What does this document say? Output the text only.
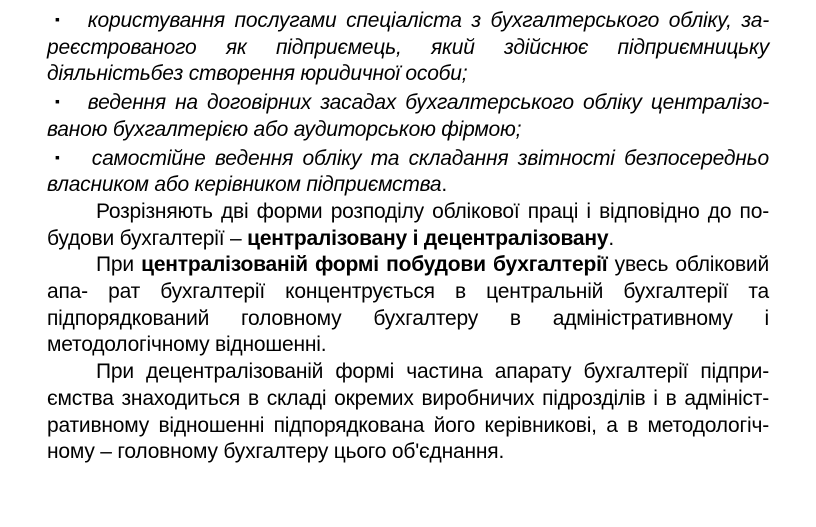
▪ користування послугами спеціаліста з бухгалтерського обліку, за- реєстрованого як підприємець, який здійснює підприємницьку діяльністьбез створення юридичної особи;

▪ ведення на договірних засадах бухгалтерського обліку централізо- ваною бухгалтерією або аудиторською фірмою;

▪ самостійне ведення обліку та складання звітності безпосередньо власником або керівником підприємства.

Розрізняють дві форми розподілу облікової праці і відповідно до по- будови бухгалтерії – централізовану і децентралізовану.

При централізованій формі побудови бухгалтерії увесь обліковий апа- рат бухгалтерії концентрується в центральній бухгалтерії та підпорядкований головному бухгалтеру в адміністративному і методологічному відношенні.

При децентралізованій формі частина апарату бухгалтерії підпри- ємства знаходиться в складі окремих виробничих підрозділів і в адмініст- ративному відношенні підпорядкована його керівникові, а в методологіч- ному – головному бухгалтеру цього об'єднання.
